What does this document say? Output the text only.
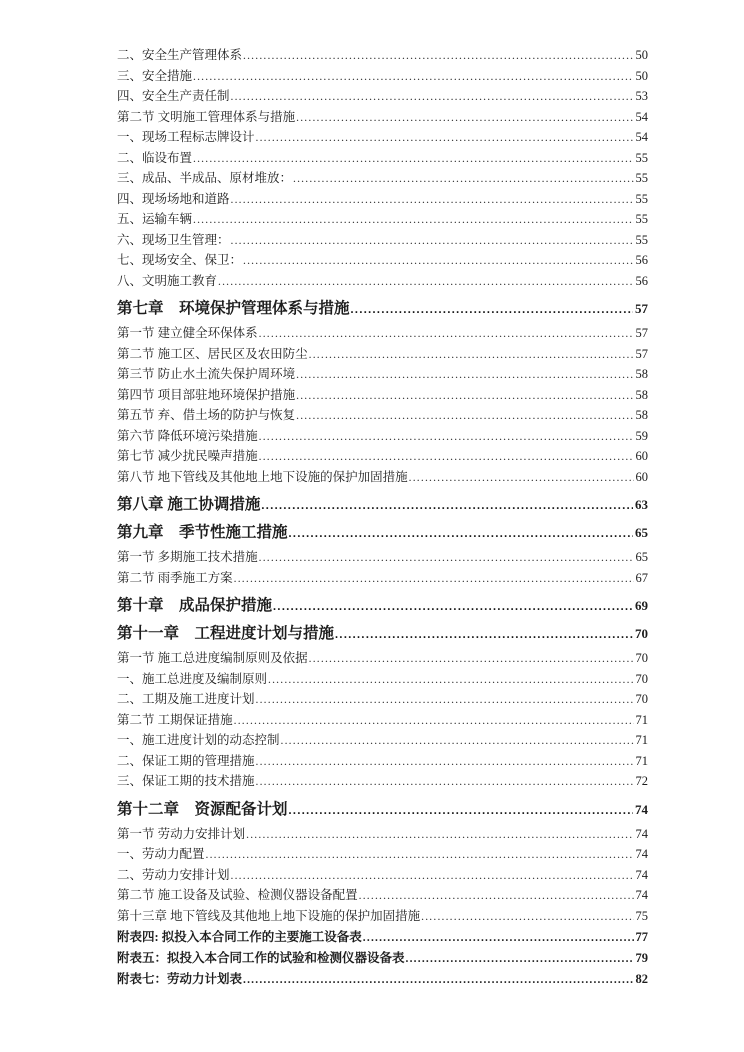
二、安全生产管理体系 .....	50
三、安全措施 .....	50
四、安全生产责任制 .....	53
第二节 文明施工管理体系与措施 .....	54
一、现场工程标志牌设计 .....	54
二、临设布置 .....	55
三、成品、半成品、原材堆放： .....	55
四、现场场地和道路 .....	55
五、运输车辆 .....	55
六、现场卫生管理： .....	55
七、现场安全、保卫： .....	56
八、文明施工教育 .....	56
第七章　环境保护管理体系与措施 .....	57
第一节 建立健全环保体系 .....	57
第二节 施工区、居民区及农田防尘 .....	57
第三节 防止水土流失保护周环境 .....	58
第四节 项目部驻地环境保护措施 .....	58
第五节 弃、借土场的防护与恢复 .....	58
第六节 降低环境污染措施 .....	59
第七节 减少扰民噪声措施 .....	60
第八节 地下管线及其他地上地下设施的保护加固措施 .....	60
第八章 施工协调措施 .....	63
第九章　季节性施工措施 .....	65
第一节 多期施工技术措施 .....	65
第二节 雨季施工方案 .....	67
第十章　成品保护措施 .....	69
第十一章　工程进度计划与措施 .....	70
第一节 施工总进度编制原则及依据 .....	70
一、施工总进度及编制原则 .....	70
二、工期及施工进度计划 .....	70
第二节 工期保证措施 .....	71
一、施工进度计划的动态控制 .....	71
二、保证工期的管理措施 .....	71
三、保证工期的技术措施 .....	72
第十二章　资源配备计划 .....	74
第一节 劳动力安排计划 .....	74
一、劳动力配置 .....	74
二、劳动力安排计划 .....	74
第二节 施工设备及试验、检测仪器设备配置 .....	74
第十三章 地下管线及其他地上地下设施的保护加固措施 .....	75
附表四: 拟投入本合同工作的主要施工设备表 .....	77
附表五：拟投入本合同工作的试验和检测仪器设备表 .....	79
附表七：劳动力计划表 .....	82
